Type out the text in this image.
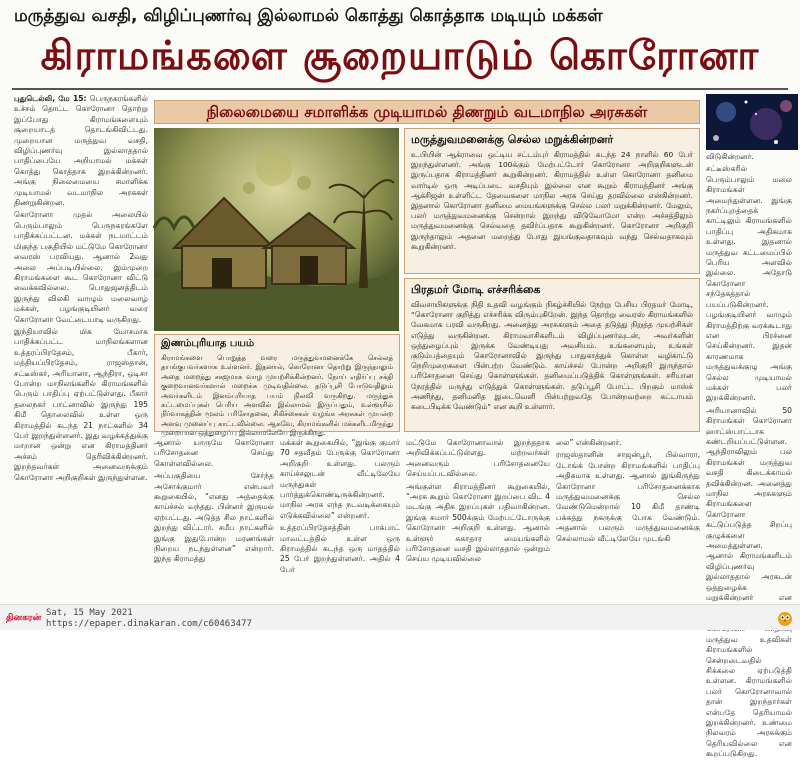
மருத்துவ வசதி, விழிப்புணர்வு இல்லாமல் கொத்து கொத்தாக மடியும் மக்கள்
கிராமங்களை சூறையாடும் கொரோனா

புதுடெல்லி, மே 15: பெருநகரங்களில் உச்சம் தொட்ட கொரோனா தொற்று இப்போது கிராமங்களையும் சூறையாடத் தொடங்கிவிட்டது. முறையான மருத்துவ வசதி, விழிப்புணர்வு இல்லாததால் பாதிப்பையே அறியாமல் மக்கள் கொத்து கொத்தாக இறக்கின்றனர். அங்கு நிலைமையை சமாளிக்க முடியாமல் வடமாநில அரசுகள் திணறுகின்றன.

கொரோனா முதல் அலையில் பெரும்பாலும் பெருநகரங்களே பாதிக்கப்பட்டன. மக்கள் நடமாட்டம் மிகுந்த பகுதியில் மட்டுமே கொரோனா வைரஸ் பரவியது. ஆனால் 2வது அலை அப்படியில்லை. இம்முறை கிராமங்களை கூட கொரோனா விட்டு வைக்கவில்லை. பொதுஜனத்திடம் இருந்து விலகி வாழும் மலைவாழ் மக்கள், பழங்குடியினர் வரை கொரோனா வேட்டையாடி வருகிறது.

இந்தியாவில் மிக மோசமாக பாதிக்கப்பட்ட மாநிலங்களான உத்தரப்பிரதேசம், பீகார், மத்தியப்பிரதேசம், ராஜஸ்தான், சட்டீஸ்கர், அரியானா, ஆந்திரா, ஒடிசா போன்ற மாநிலங்களில் கிராமங்களில் பெரும் பாதிப்பு ஏற்பட்டுள்ளது. பீகார் தலைநகர் பாட்னாவில் இருந்து 195 கிமீ தொலைவில் உள்ள ஒரு கிராமத்தில் கடந்த 21 நாட்களில் 34 பேர் இறந்துள்ளனர். இது வழக்கத்துக்கு மாறான ஒன்று என கிராமத்தினர் அச்சம் தெரிவிக்கின்றனர். இறந்தவர்கள் அனைவருக்கும் கொரோனா அறிகுறிகள் இருந்துள்ளன.

நிலைமையை சமாளிக்க முடியாமல் திணறும் வடமாநில அரசுகள்
மருத்துவமனைக்கு செல்ல மறுக்கின்றனர்
உ.பியின் ஆக்ராவை ஒட்டிய சட்டம்புர் கிராமத்தில் கடந்த 24 நாளில் 60 பேர் இறந்துள்ளனர். அங்கு 100க்கும் மேற்பட்டோர் கொரோனா அறிகுறிகளுடன் இருப்பதாக கிராமத்தினர் கூறுகின்றனர். கிராமத்தில் உள்ள கொரோனா தனிமை வார்டில் ஒரு அடிப்படை வசதியும் இல்லை என கூறும் கிராமத்தினர் அங்கு ஆக்சிஜன் உள்ளிட்ட தேவைகளை மாநில அரசு செய்து தரவில்லை என்கின்றனர். இதனால் கொரோனா தனிமை மையங்களுக்கு செல்ல பலர் மறுக்கின்றனர். மேலும், பலர் மருத்துவமனைக்கு சென்றால் இறந்து விடுவோமோ என்ற அச்சத்திலும் மருத்துவமனைக்கு செல்வதை தவிர்ப்பதாக கூறுகின்றனர். கொரோனா அறிகுறி இருந்தாலும் அதனை மறைத்து போது இயங்குவதாகவும் வந்து செல்வதாகவும் கூறுகின்றனர்.
பிரதமர் மோடி எச்சரிக்கை
விவசாயிகளுக்கு நிதி உதவி வழங்கும் நிகழ்ச்சியில் நேற்று பேசிய பிரதமர் மோடி, “கொரோனா குறித்து எச்சரிக்க விரும்புகிறேன். இந்த தொற்று வைரஸ் கிராமங்களில் வேகமாக பரவி வருகிறது. அனைத்து அரசுகளும் அதை தடுத்து நிறுத்த முயற்சிகள் எடுத்து வருகின்றன. கிராமவாசிகளிடம் விழிப்புணர்வுடன், அவர்களின் ஒத்துழைப்பும் இருக்க வேண்டியது அவசியம். உங்களையும், உங்கள் குடும்பத்தையும் கொரோனாவில் இருந்து பாதுகாத்துக் கொள்ள வழிகாட்டு நெறிமுறைகளை பின்பற்ற வேண்டும். காய்ச்சல் போன்ற அறிகுறி இருந்தால் பரிசோதனை செய்து கொள்ளுங்கள். தனிமைப்படுத்திக் கொள்ளுங்கள். சரியான நேரத்தில் மருந்து எடுத்துக் கொள்ளுங்கள். தடுப்பூசி போட்ட பிறகும் மாஸ்க் அணிந்து, தனிமனித இடைவெளி பின்பற்றுவதே போன்றவற்றை கட்டாயம் கடைபிடிக்க வேண்டும்” என கூறி உள்ளார்.
இணம்புரியாத பயம்
கிராமங்களை பொறுத்த வரை மருத்துவமனைக்கே செல்லத் தயங்குபவர்களாக உள்ளனர். இதனால், கொரோனா தொற்று இருந்தாலும் அதை மறைத்து சகஜமாக வாழ முயற்சிக்கின்றனர். நோய் எதிர்ப்பு சக்தி குறைவானவர்களால் மறைக்க முடிவதில்லை. தடுப்பூசி போடுவதிலும் அவர்களிடம் இனம்புரியாத பயம் நிலவி வருகிறது. மருந்துக் கட்டமைப்புகள் பெரிய அளவில் இல்லாமல் இருப்பதும், உள்ளூரில் நிர்வாகத்தின் மூலம் பரிசோதனை, சிகிச்சைகள் வழங்க அரசுகள் முயன்ற அளவு முனைப்பு காட்டவில்லை. ஆகவே, கிராமங்களில் மக்களிடமிருந்து முறையான ஒத்துழைப்பு இல்லாமலேயே இருக்கிறது.

ஆனால் யாருமே கொரோனா பரிசோதனை செய்து கொள்ளவில்லை.

அப்பகுதியை சேர்ந்த அசோக்குமார் என்பவர் கூறுகையில், “எனது அத்தைக்கு காய்ச்சல் வந்தது. பின்னர் இருமல் ஏற்பட்டது. அடுத்த சில நாட்களில் இறந்து விட்டார். சமீப நாட்களில் இங்கு இதுபோன்ற மரணங்கள் நிறைய நடந்துள்ளன” என்றார். இந்த கிராமத்து

மக்கள் கூறுகையில், “இங்கு குமார் 70 சதவீதம் பேருக்கு கொரோனா அறிகுறி உள்ளது. பலரும் காய்ச்சலுடன் வீட்டிலேயே மருந்துகள் பார்த்துக்கொண்டிருக்கின்றனர். மாநில அரசு எந்த நடவடிக்கையும் எடுக்கவில்லை” என்றனர்.

உத்தரப்பிரதேசத்தின் பாக்பாட் மாவட்டத்தில் உள்ள ஒரு கிராமத்தில் கடந்த ஒரு மாதத்தில் 25 பேர் இறந்துள்ளனர். அதில் 4 பேர்

மட்டுமே கொரோனாவால் இறந்ததாக அறிவிக்கப்பட்டுள்ளது. மற்றவர்கள் அனைவரும் பரிசோதனையே செய்யப்படவில்லை.

அங்குள்ள கிராமத்தினர் கூறுகையில், “அரசு கூறும் கொரோனா இறப்பை விட 4 மடங்கு அதிக இறப்புகள் பதிவாகின்றன. இங்கு சுமார் 500க்கும் மேற்பட்டோருக்கு கொரோனா அறிகுறி உள்ளது. ஆனால் உள்ளூர் சுகாதார மையங்களில் பரிசோதனை வசதி இல்லாததால் ஒன்றும் செய்ய முடியவில்லை

லை” என்கின்றனர்.

ராஜஸ்தானின் சாஜன்பூர், பில்வாரா, டோங்க் போன்ற கிராமங்களில் பாதிப்பு அதிகமாக உள்ளது. ஆனால் இங்கிருந்து கொரோனா பரிசோதனைக்காக மருத்துவமனைக்கு செல்ல வேண்டுமென்றால் 10 கிமீ தாண்டி பக்கத்து நகருக்கு போக வேண்டும். அதனால் பலரும் மருத்துவமனைக்கு செல்லாமல் வீட்டிலேயே முடங்கி

விடுகின்றனர்.

சட்டீஸ்கரில் பெரும்பாலும் மலை கிராமங்கள் அமைந்துள்ளன. இங்கு நகர்ப்புறத்தைக் காட்டிலும் கிராமங்களில் பாதிப்பு அதிகமாக உள்ளது. இதனால் மருத்துவ கட்டமைப்பில் பெரிய அளவில் இல்லை. அதோடு கொரோனா சந்தேகத்தால் பயப்படுகின்றனர். பழங்குடியினர் வாழும் கிராமத்திற்கு வரக்கூடாது என பிரச்னை செய்கின்றனர். இதன் காரணமாக மருத்துவக்குழு அங்கு செல்ல முடியாமல் மக்கள் பலர் இறக்கின்றனர்.

அரியானாவில் 50 கிராமங்கள் கொரோனா ஹாட்ஸ்பாட்டாக கண்டறியப்பட்டுள்ளன. ஆந்திராவிலும் பல கிராமங்கள் மருத்துவ வசதி கிடைக்காமல் தவிக்கின்றன. அனைத்து மாநில அரசுகளும் கிராமங்களை கொரோனா கட்டுப்படுத்த சிறப்பு குழுக்களை அமைத்துள்ளன. ஆனால் கிராமங்களிடம் விழிப்புணர்வு இல்லாததால் அரசுடன் ஒத்துழைக்க மறுக்கின்றனர் என மருத்துவ உதவிகள் கிராமங்களில் சென்றடைவதில் சிக்கலை ஏற்படுத்தி உள்ளன. கிராமங்களில் பலர் கொரோனாவால் தான் இறந்தார்கள் என்பதே தெரியாமல் இறக்கின்றனர். உண்மை நிலவரம் அரசுக்கும் தெரியவில்லை என கூறப்படுகிறது.

தினகரன் Sat, 15 May 2021
https://epaper.dinakaran.com/c60463477
